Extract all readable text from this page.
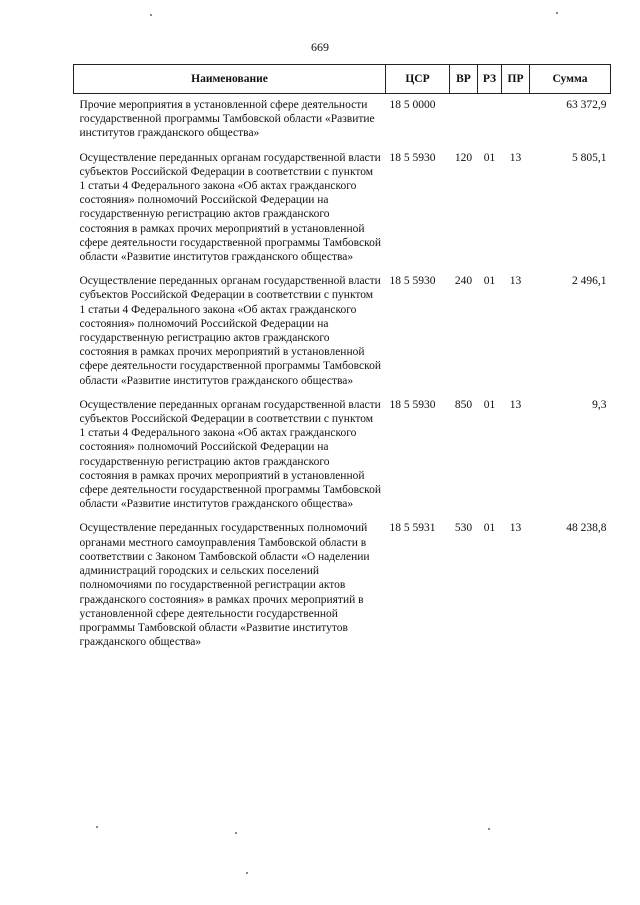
669
Наименование	ЦСР	ВР	РЗ	ПР	Сумма
Прочие мероприятия в установленной сфере деятельности государственной программы Тамбовской области «Развитие институтов гражданского общества»	18 5 0000				63 372,9
Осуществление переданных органам государственной власти субъектов Российской Федерации в соответствии с пунктом 1 статьи 4 Федерального закона «Об актах гражданского состояния» полномочий Российской Федерации на государственную регистрацию актов гражданского состояния в рамках прочих мероприятий в установленной сфере деятельности государственной программы Тамбовской области «Развитие институтов гражданского общества»	18 5 5930	120	01	13	5 805,1
Осуществление переданных органам государственной власти субъектов Российской Федерации в соответствии с пунктом 1 статьи 4 Федерального закона «Об актах гражданского состояния» полномочий Российской Федерации на государственную регистрацию актов гражданского состояния в рамках прочих мероприятий в установленной сфере деятельности государственной программы Тамбовской области «Развитие институтов гражданского общества»	18 5 5930	240	01	13	2 496,1
Осуществление переданных органам государственной власти субъектов Российской Федерации в соответствии с пунктом 1 статьи 4 Федерального закона «Об актах гражданского состояния» полномочий Российской Федерации на государственную регистрацию актов гражданского состояния в рамках прочих мероприятий в установленной сфере деятельности государственной программы Тамбовской области «Развитие институтов гражданского общества»	18 5 5930	850	01	13	9,3
Осуществление переданных государственных полномочий органами местного самоуправления Тамбовской области в соответствии с Законом Тамбовской области «О наделении администраций городских и сельских поселений полномочиями по государственной регистрации актов гражданского состояния» в рамках прочих мероприятий в установленной сфере деятельности государственной программы Тамбовской области «Развитие институтов гражданского общества»	18 5 5931	530	01	13	48 238,8
